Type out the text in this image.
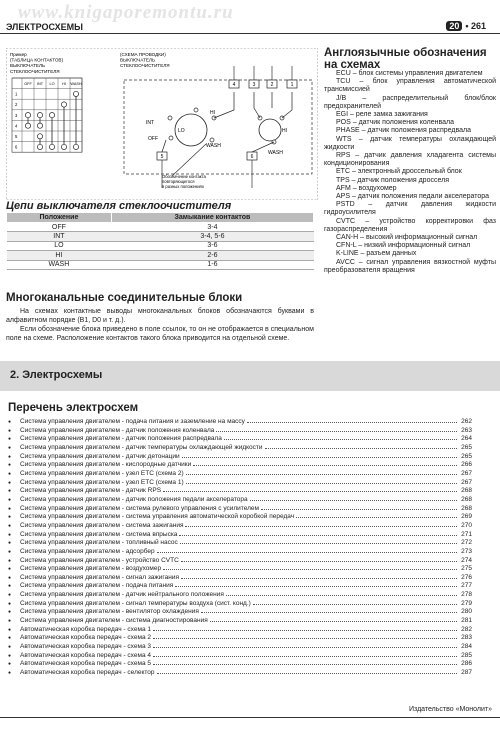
www.knigaporemontu.ru
ЭЛЕКТРОСХЕМЫ	20 • 261
Пример (ТАБЛИЦА КОНТАКТОВ) ВЫКЛЮЧАТЕЛЬ СТЕКЛООЧИСТИТЕЛЯ
(СХЕМА ПРОВОДКИ) ВЫКЛЮЧАТЕЛЬ СТЕКЛООЧИСТИТЕЛЯ
OFF INT LO HI WASH
1
2
3
4
5
6
4	3	2	1
5	6
OFF
INT
LO
HI
WASH
HI
WASH
Обозначение контакта повторяющегося в разных положениях
Цепи выключателя стеклоочистителя
Положение	Замыкание контактов
OFF	3-4
INT	3-4, 5-6
LO	3-6
HI	2-6
WASH	1-6
Многоканальные соединительные блоки
На схемах контактные выводы многоканальных блоков обозначаются буквами в алфавитном порядке (B1, D0 и т. д.).
Если обозначение блока приведено в поле ссылок, то он не отображается в специальном поле на схеме. Расположение контактов такого блока приводится на отдельной схеме.
Англоязычные обозначения на схемах
ECU – блок системы управления двигателем
TCU – блок управления автоматической трансмиссией
J/B – распределительный блок/блок предохранителей
EGI – реле замка зажигания
POS – датчик положения коленвала
PHASE – датчик положения распредвала
WTS – датчик температуры охлаждающей жидкости
RPS – датчик давления хладагента системы кондиционирования
ETC – электронный дроссельный блок
TPS – датчик положения дросселя
AFM – воздухомер
APS – датчик положения педали акселератора
PSTD – датчик давления жидкости гидроусилителя
CVTC – устройство корректировки фаз газораспределения
CAN-H – высокий информационный сигнал
CFN-L – низкий информационный сигнал
K-LINE – разъем данных
AVCC – сигнал управления вязкостной муфты преобразователя вращения
2. Электросхемы
Перечень электросхем
●	Система управления двигателем - подача питания и заземление на массу	262
●	Система управления двигателем - датчик положения коленвала	263
●	Система управления двигателем - датчик положения распредвала	264
●	Система управления двигателем - датчик температуры охлаждающей жидкости	265
●	Система управления двигателем - датчик детонации	265
●	Система управления двигателем - кислородные датчики	266
●	Система управления двигателем - узел ETC (схема 2)	267
●	Система управления двигателем - узел ETC (схема 1)	267
●	Система управления двигателем - датчик RPS	268
●	Система управления двигателем - датчик положения педали акселератора	268
●	Система управления двигателем - система рулевого управления с усилителем	268
●	Система управления двигателем - система управления автоматической коробкой передач	269
●	Система управления двигателем - система зажигания	270
●	Система управления двигателем - система впрыска	271
●	Система управления двигателем - топливный насос	272
●	Система управления двигателем - адсорбер	273
●	Система управления двигателем - устройство CVTC	274
●	Система управления двигателем - воздухомер	275
●	Система управления двигателем - сигнал зажигания	276
●	Система управления двигателем - подача питания	277
●	Система управления двигателем - датчик нейтрального положения	278
●	Система управления двигателем - сигнал температуры воздуха (сист. конд.)	279
●	Система управления двигателем - вентилятор охлаждения	280
●	Система управления двигателем - система диагностирования	281
●	Автоматическая коробка передач - схема 1	282
●	Автоматическая коробка передач - схема 2	283
●	Автоматическая коробка передач - схема 3	284
●	Автоматическая коробка передач - схема 4	285
●	Автоматическая коробка передач - схема 5	286
●	Автоматическая коробка передач - селектор	287
Издательство «Монолит»
